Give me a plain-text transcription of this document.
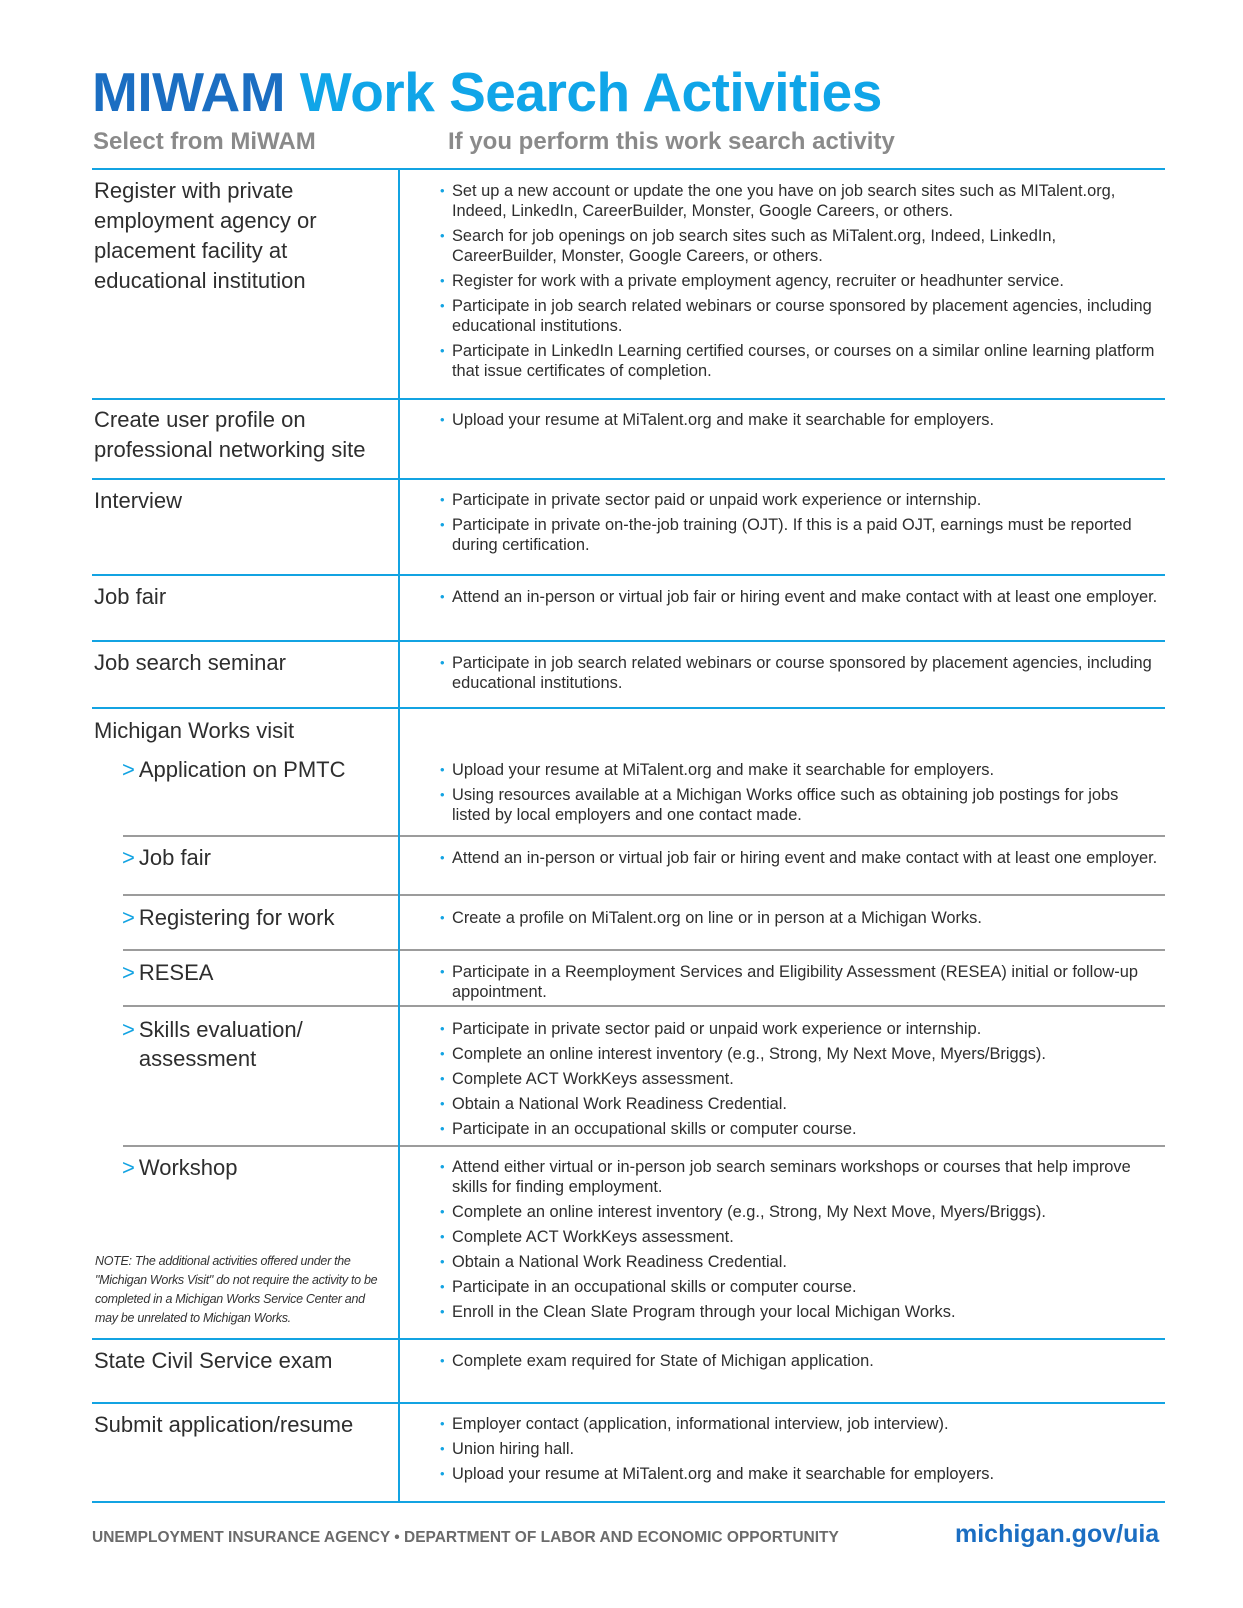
MIWAM Work Search Activities
Select from MiWAM	If you perform this work search activity
Register with private employment agency or placement facility at educational institution
• Set up a new account or update the one you have on job search sites such as MITalent.org, Indeed, LinkedIn, CareerBuilder, Monster, Google Careers, or others.
• Search for job openings on job search sites such as MiTalent.org, Indeed, LinkedIn, CareerBuilder, Monster, Google Careers, or others.
• Register for work with a private employment agency, recruiter or headhunter service.
• Participate in job search related webinars or course sponsored by placement agencies, including educational institutions.
• Participate in LinkedIn Learning certified courses, or courses on a similar online learning platform that issue certificates of completion.
Create user profile on professional networking site
• Upload your resume at MiTalent.org and make it searchable for employers.
Interview	• Participate in private sector paid or unpaid work experience or internship.
• Participate in private on-the-job training (OJT). If this is a paid OJT, earnings must be reported during certification.
Job fair	• Attend an in-person or virtual job fair or hiring event and make contact with at least one employer.
Job search seminar	• Participate in job search related webinars or course sponsored by placement agencies, including educational institutions.
Michigan Works visit
> Application on PMTC	• Upload your resume at MiTalent.org and make it searchable for employers.
• Using resources available at a Michigan Works office such as obtaining job postings for jobs listed by local employers and one contact made.
> Job fair	• Attend an in-person or virtual job fair or hiring event and make contact with at least one employer.
> Registering for work	• Create a profile on MiTalent.org on line or in person at a Michigan Works.
> RESEA	• Participate in a Reemployment Services and Eligibility Assessment (RESEA) initial or follow-up appointment.
> Skills evaluation/ assessment
• Participate in private sector paid or unpaid work experience or internship.
• Complete an online interest inventory (e.g., Strong, My Next Move, Myers/Briggs).
• Complete ACT WorkKeys assessment.
• Obtain a National Work Readiness Credential.
• Participate in an occupational skills or computer course.
> Workshop	• Attend either virtual or in-person job search seminars workshops or courses that help improve skills for finding employment.
• Complete an online interest inventory (e.g., Strong, My Next Move, Myers/Briggs).
• Complete ACT WorkKeys assessment.
• Obtain a National Work Readiness Credential.
• Participate in an occupational skills or computer course.
• Enroll in the Clean Slate Program through your local Michigan Works.
NOTE: The additional activities offered under the "Michigan Works Visit" do not require the activity to be completed in a Michigan Works Service Center and may be unrelated to Michigan Works.
State Civil Service exam	• Complete exam required for State of Michigan application.
Submit application/resume	• Employer contact (application, informational interview, job interview).
• Union hiring hall.
• Upload your resume at MiTalent.org and make it searchable for employers.
UNEMPLOYMENT INSURANCE AGENCY • DEPARTMENT OF LABOR AND ECONOMIC OPPORTUNITY	michigan.gov/uia
